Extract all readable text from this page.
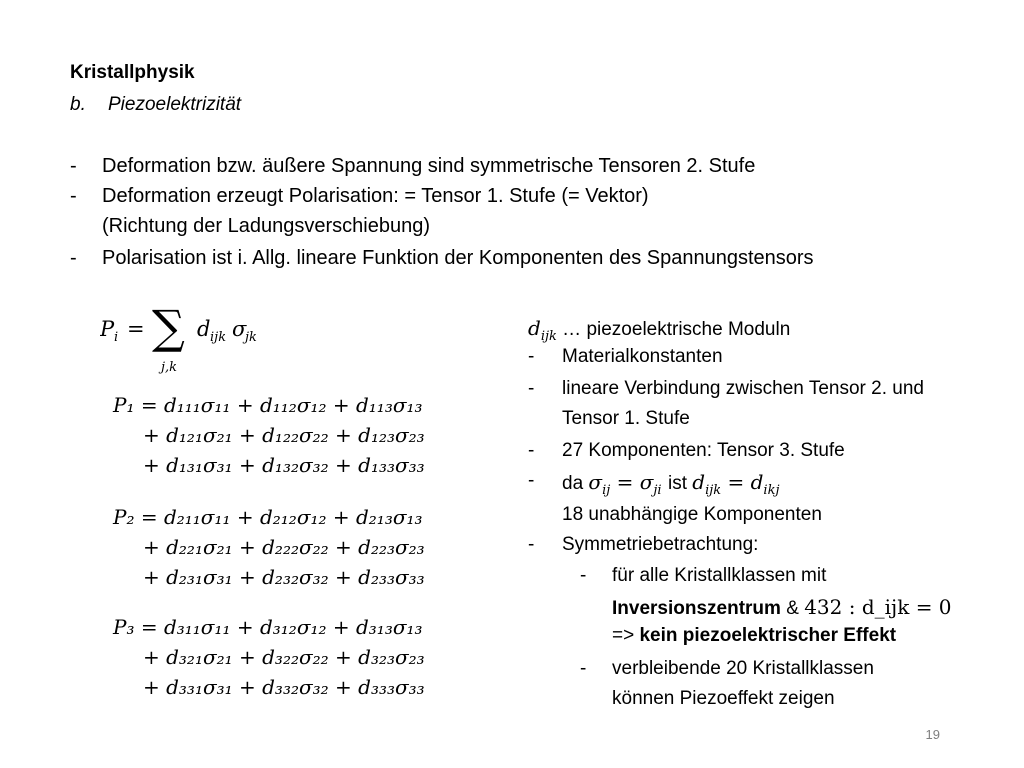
Kristallphysik
b. Piezoelektrizität
-	Deformation bzw. äußere Spannung sind symmetrische Tensoren 2. Stufe
-	Deformation erzeugt Polarisation: = Tensor 1. Stufe (= Vektor)
(Richtung der Ladungsverschiebung)
-	Polarisation ist i. Allg. lineare Funktion der Komponenten des Spannungstensors
P i = ∑
j,k
d ijk σ
jk
P₁ = d₁₁₁σ₁₁ + d₁₁₂σ₁₂ + d₁₁₃σ₁₃
+ d₁₂₁σ₂₁ + d₁₂₂σ₂₂ + d₁₂₃σ₂₃
+ d₁₃₁σ₃₁ + d₁₃₂σ₃₂ + d₁₃₃σ₃₃
P₂ = d₂₁₁σ₁₁ + d₂₁₂σ₁₂ + d₂₁₃σ₁₃
+ d₂₂₁σ₂₁ + d₂₂₂σ₂₂ + d₂₂₃σ₂₃
+ d₂₃₁σ₃₁ + d₂₃₂σ₃₂ + d₂₃₃σ₃₃
P₃ = d₃₁₁σ₁₁ + d₃₁₂σ₁₂ + d₃₁₃σ₁₃
+ d₃₂₁σ₂₁ + d₃₂₂σ₂₂ + d₃₂₃σ₂₃
+ d₃₃₁σ₃₁ + d₃₃₂σ₃₂ + d₃₃₃σ₃₃
$d_{ijk}$ … piezoelektrische Moduln
- Materialkonstanten
- lineare Verbindung zwischen Tensor 2. und
Tensor 1. Stufe
- 27 Komponenten: Tensor 3. Stufe
- da $\sigma_{ij} = \sigma_{ji}$ ist $d_{ijk} = d_{ikj}$
18 unabhängige Komponenten
- Symmetriebetrachtung:
- für alle Kristallklassen mit
Inversionszentrum & 432 : d_ijk = 0
=> kein piezoelektrischer Effekt
- verbleibende 20 Kristallklassen
können Piezoeffekt zeigen
19
